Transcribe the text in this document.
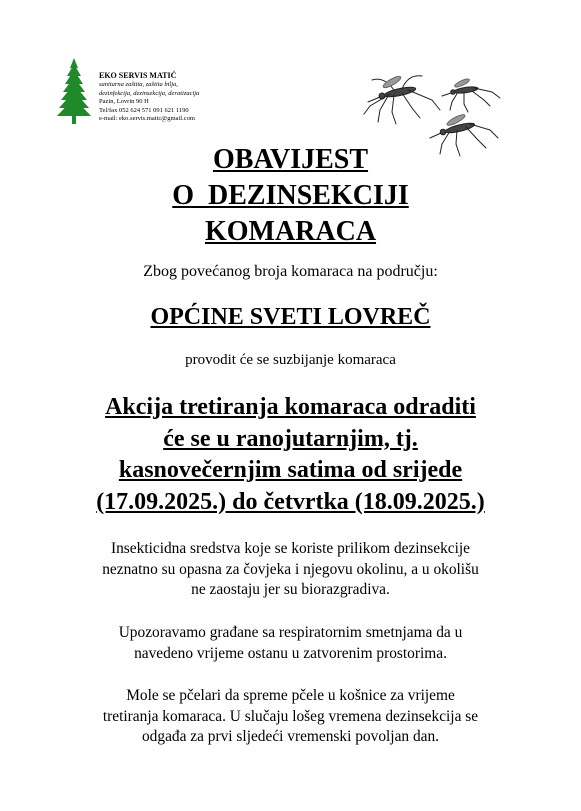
EKO SERVIS MATIĆ
sanitarna zaštita, zaštita bilja,
dezinfekcija, dezinsekcija, deratizacija
Pazin, Lovrin 90 H
Tel/fax 052 624 571 091 621 1190
e-mail: eko.servis.matic@gmail.com
OBAVIJEST
O  DEZINSEKCIJI
KOMARACA
Zbog povećanog broja komaraca na području:
OPĆINE SVETI LOVREČ
provodit će se suzbijanje komaraca
Akcija tretiranja komaraca odraditi
će se u ranojutarnjim, tj.
kasnovečernjim satima od srijede
(17.09.2025.) do četvrtka (18.09.2025.)
Insekticidna sredstva koje se koriste prilikom dezinsekcije
neznatno su opasna za čovjeka i njegovu okolinu, a u okolišu
ne zaostaju jer su biorazgradiva.
Upozoravamo građane sa respiratornim smetnjama da u
navedeno vrijeme ostanu u zatvorenim prostorima.
Mole se pčelari da spreme pčele u košnice za vrijeme
tretiranja komaraca. U slučaju lošeg vremena dezinsekcija se
odgađa za prvi sljedeći vremenski povoljan dan.
